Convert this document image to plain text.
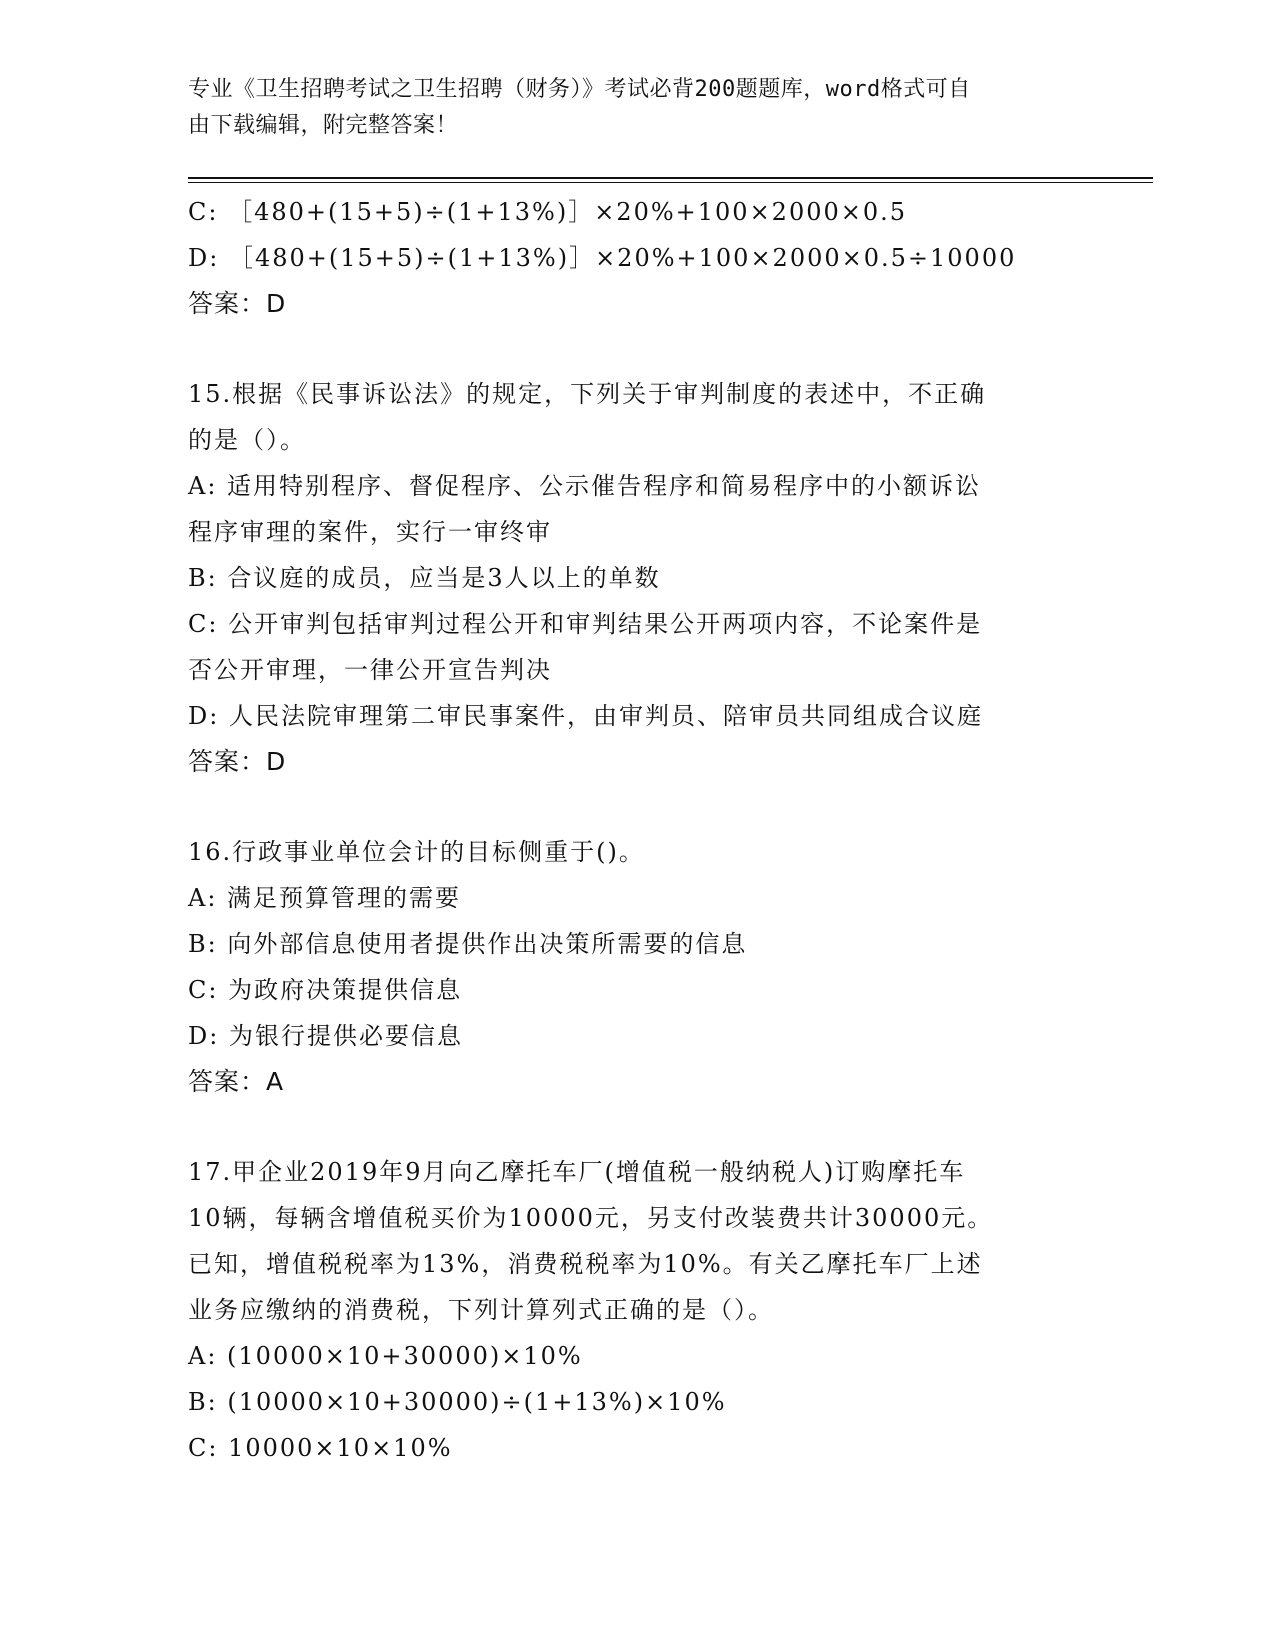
专业《卫生招聘考试之卫生招聘（财务）》考试必背200题题库，word格式可自
由下载编辑，附完整答案！
C: ［480+(15+5)÷(1+13%)］×20%+100×2000×0.5
D: ［480+(15+5)÷(1+13%)］×20%+100×2000×0.5÷10000
答案：D
15.根据《民事诉讼法》的规定，下列关于审判制度的表述中，不正确
的是（）。
A: 适用特别程序、督促程序、公示催告程序和简易程序中的小额诉讼
程序审理的案件，实行一审终审
B: 合议庭的成员，应当是3人以上的单数
C: 公开审判包括审判过程公开和审判结果公开两项内容，不论案件是
否公开审理，一律公开宣告判决
D: 人民法院审理第二审民事案件，由审判员、陪审员共同组成合议庭
答案：D
16.行政事业单位会计的目标侧重于()。
A: 满足预算管理的需要
B: 向外部信息使用者提供作出决策所需要的信息
C: 为政府决策提供信息
D: 为银行提供必要信息
答案：A
17.甲企业2019年9月向乙摩托车厂(增值税一般纳税人)订购摩托车
10辆，每辆含增值税买价为10000元，另支付改装费共计30000元。
已知，增值税税率为13%，消费税税率为10%。有关乙摩托车厂上述
业务应缴纳的消费税，下列计算列式正确的是（）。
A: (10000×10+30000)×10%
B: (10000×10+30000)÷(1+13%)×10%
C: 10000×10×10%
